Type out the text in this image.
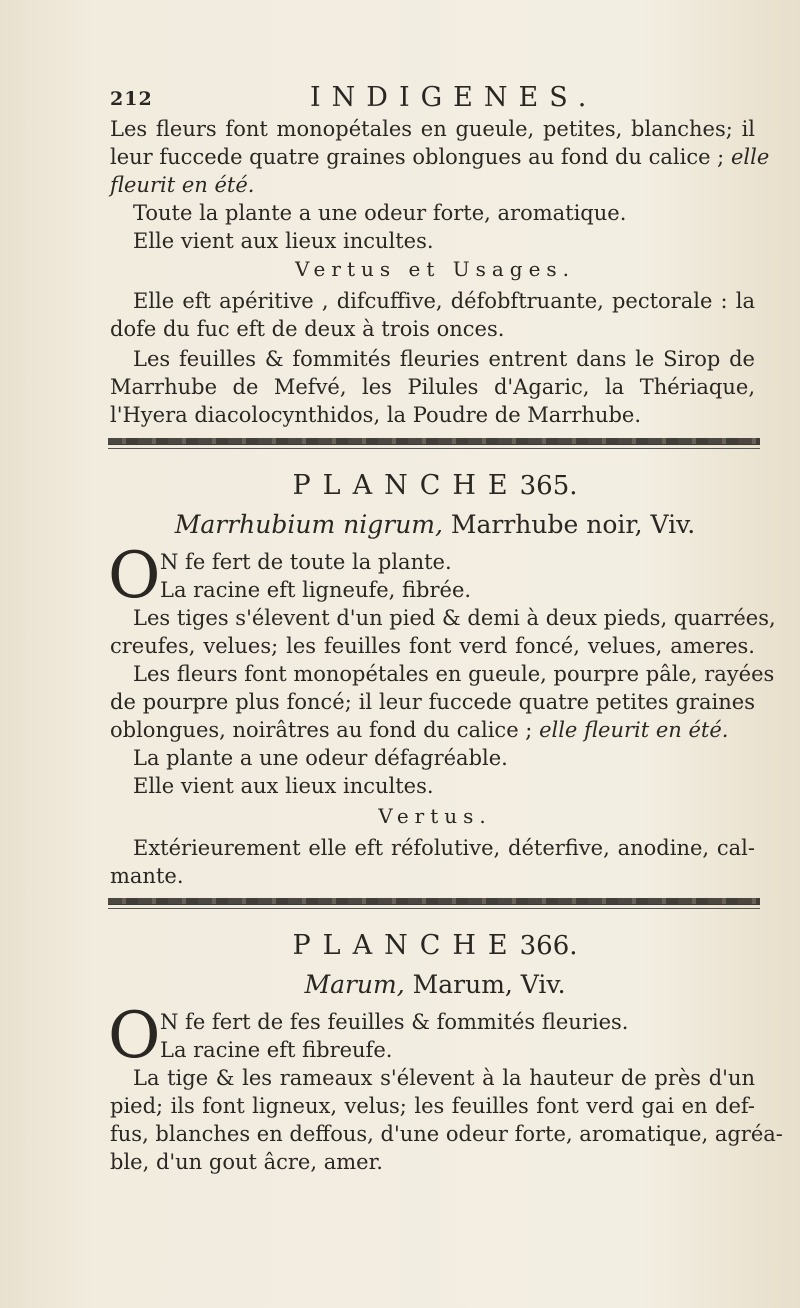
212	INDIGENES.
Les fleurs font monopétales en gueule, petites, blanches; il
leur fuccede quatre graines oblongues au fond du calice ; elle
fleurit en été.
Toute la plante a une odeur forte, aromatique.
Elle vient aux lieux incultes.
Vertus et Usages.
Elle eft apéritive , difcuffive, défobftruante, pectorale : la
dofe du fuc eft de deux à trois onces.
Les feuilles & fommités fleuries entrent dans le Sirop de
Marrhube de Mefvé, les Pilules d'Agaric, la Thériaque,
l'Hyera diacolocynthidos, la Poudre de Marrhube.
PLANCHE365.
Marrhubium nigrum, Marrhube noir, Viv.
O N fe fert de toute la plante.
La racine eft ligneufe, fibrée.
Les tiges s'élevent d'un pied & demi à deux pieds, quarrées,
creufes, velues; les feuilles font verd foncé, velues, ameres.
Les fleurs font monopétales en gueule, pourpre pâle, rayées
de pourpre plus foncé; il leur fuccede quatre petites graines
oblongues, noirâtres au fond du calice ; elle fleurit en été.
La plante a une odeur défagréable.
Elle vient aux lieux incultes.
Vertus.
Extérieurement elle eft réfolutive, déterfive, anodine, cal-
mante.
PLANCHE366.
Marum, Marum, Viv.
O N fe fert de fes feuilles & fommités fleuries.
La racine eft fibreufe.
La tige & les rameaux s'élevent à la hauteur de près d'un
pied; ils font ligneux, velus; les feuilles font verd gai en def-
fus, blanches en deffous, d'une odeur forte, aromatique, agréa-
ble, d'un gout âcre, amer.
